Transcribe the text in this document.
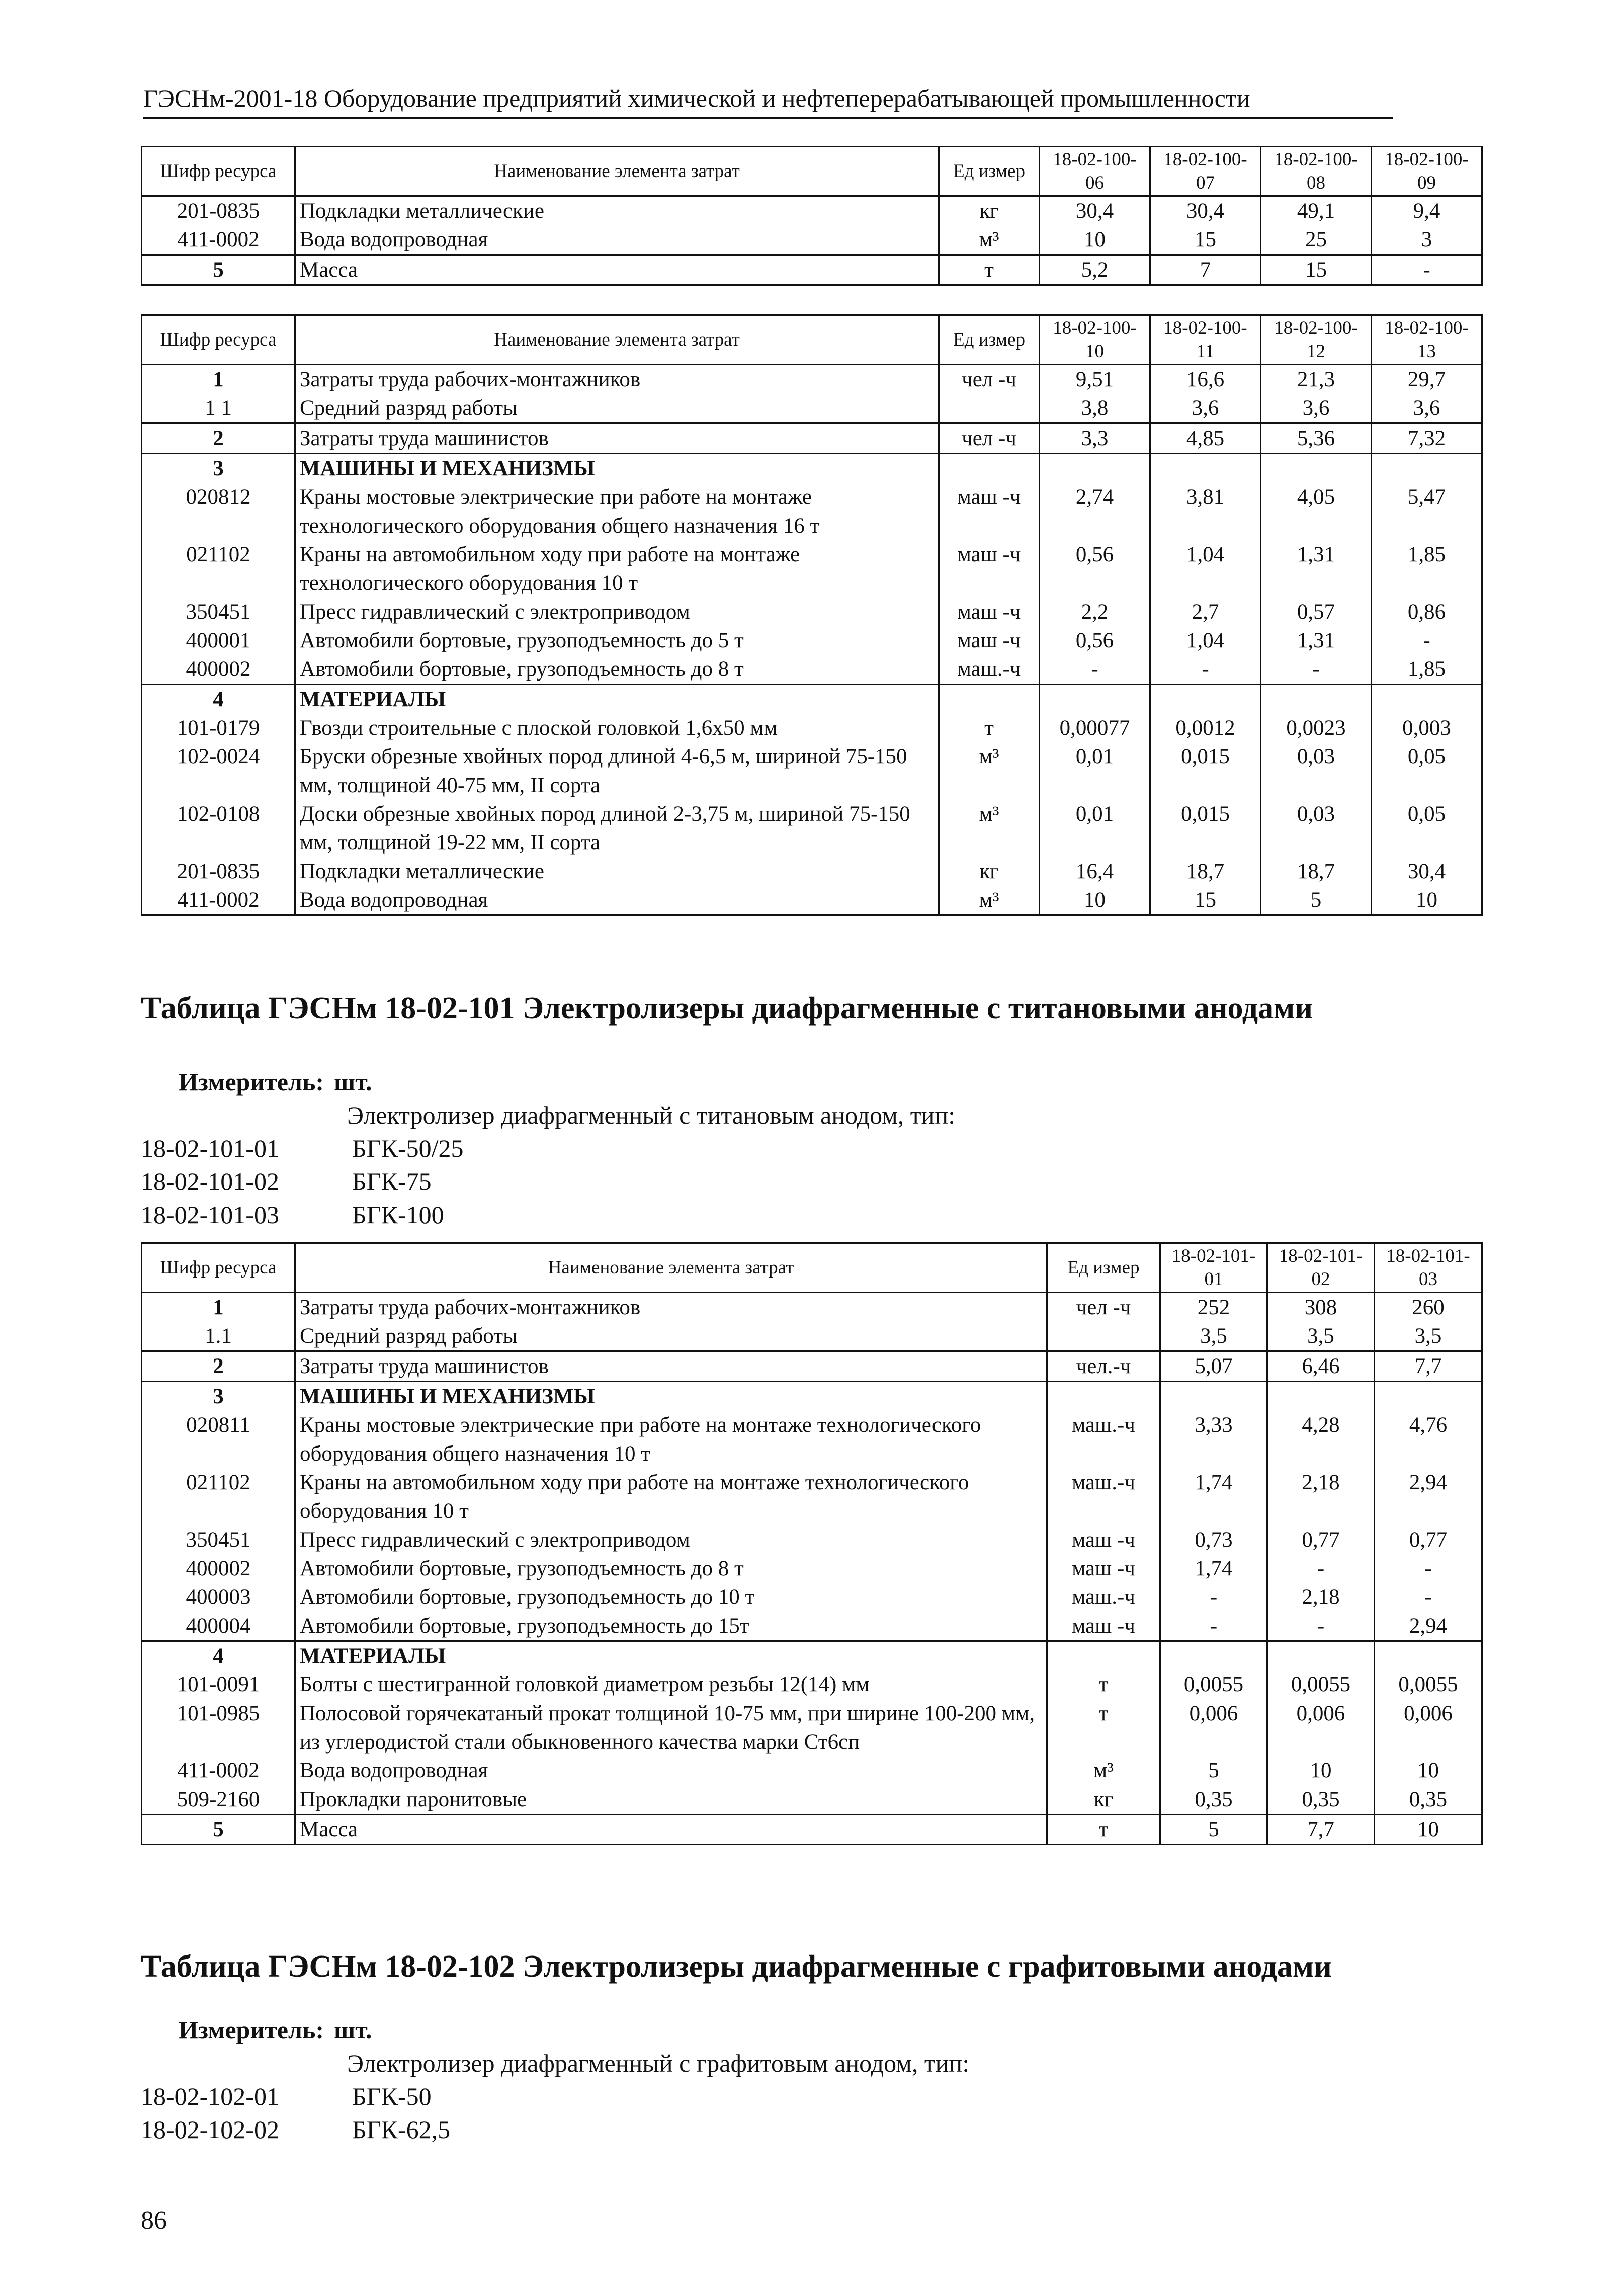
ГЭСНм-2001-18 Оборудование предприятий химической и нефтеперерабатывающей промышленности
Шифр ресурса	Наименование элемента затрат	Ед измер	18-02-100-06	18-02-100-07	18-02-100-08	18-02-100-09
201-0835	Подкладки металлические	кг	30,4	30,4	49,1	9,4
411-0002	Вода водопроводная	м³	10	15	25	3
5	Масса	т	5,2	7	15	-
Шифр ресурса	Наименование элемента затрат	Ед измер	18-02-100-10	18-02-100-11	18-02-100-12	18-02-100-13
1	Затраты труда рабочих-монтажников	чел -ч	9,51	16,6	21,3	29,7
1 1	Средний разряд работы		3,8	3,6	3,6	3,6
2	Затраты труда машинистов	чел -ч	3,3	4,85	5,36	7,32
3	МАШИНЫ И МЕХАНИЗМЫ					
020812	Краны мостовые электрические при работе на монтаже технологического оборудования общего назначения 16 т	маш -ч	2,74	3,81	4,05	5,47
021102	Краны на автомобильном ходу при работе на монтаже технологического оборудования 10 т	маш -ч	0,56	1,04	1,31	1,85
350451	Пресс гидравлический с электроприводом	маш -ч	2,2	2,7	0,57	0,86
400001	Автомобили бортовые, грузоподъемность до 5 т	маш -ч	0,56	1,04	1,31	-
400002	Автомобили бортовые, грузоподъемность до 8 т	маш.-ч	-	-	-	1,85
4	МАТЕРИАЛЫ					
101-0179	Гвозди строительные с плоской головкой 1,6х50 мм	т	0,00077	0,0012	0,0023	0,003
102-0024	Бруски обрезные хвойных пород длиной 4-6,5 м, шириной 75-150 мм, толщиной 40-75 мм, II сорта	м³	0,01	0,015	0,03	0,05
102-0108	Доски обрезные хвойных пород длиной 2-3,75 м, шириной 75-150 мм, толщиной 19-22 мм, II сорта	м³	0,01	0,015	0,03	0,05
201-0835	Подкладки металлические	кг	16,4	18,7	18,7	30,4
411-0002	Вода водопроводная	м³	10	15	5	10
Таблица ГЭСНм 18-02-101 Электролизеры диафрагменные с титановыми анодами
Измеритель: шт.
Электролизер диафрагменный с титановым анодом, тип:
18-02-101-01	БГК-50/25
18-02-101-02	БГК-75
18-02-101-03	БГК-100
Шифр ресурса	Наименование элемента затрат	Ед измер	18-02-101-01	18-02-101-02	18-02-101-03
1	Затраты труда рабочих-монтажников	чел -ч	252	308	260
1.1	Средний разряд работы		3,5	3,5	3,5
2	Затраты труда машинистов	чел.-ч	5,07	6,46	7,7
3	МАШИНЫ И МЕХАНИЗМЫ				
020811	Краны мостовые электрические при работе на монтаже технологического оборудования общего назначения 10 т	маш.-ч	3,33	4,28	4,76
021102	Краны на автомобильном ходу при работе на монтаже технологического оборудования 10 т	маш.-ч	1,74	2,18	2,94
350451	Пресс гидравлический с электроприводом	маш -ч	0,73	0,77	0,77
400002	Автомобили бортовые, грузоподъемность до 8 т	маш -ч	1,74	-	-
400003	Автомобили бортовые, грузоподъемность до 10 т	маш.-ч	-	2,18	-
400004	Автомобили бортовые, грузоподъемность до 15т	маш -ч	-	-	2,94
4	МАТЕРИАЛЫ				
101-0091	Болты с шестигранной головкой диаметром резьбы 12(14) мм	т	0,0055	0,0055	0,0055
101-0985	Полосовой горячекатаный прокат толщиной 10-75 мм, при ширине 100-200 мм, из углеродистой стали обыкновенного качества марки Ст6сп	т	0,006	0,006	0,006
411-0002	Вода водопроводная	м³	5	10	10
509-2160	Прокладки паронитовые	кг	0,35	0,35	0,35
5	Масса	т	5	7,7	10
Таблица ГЭСНм 18-02-102 Электролизеры диафрагменные с графитовыми анодами
Измеритель: шт.
Электролизер диафрагменный с графитовым анодом, тип:
18-02-102-01	БГК-50
18-02-102-02	БГК-62,5
86
